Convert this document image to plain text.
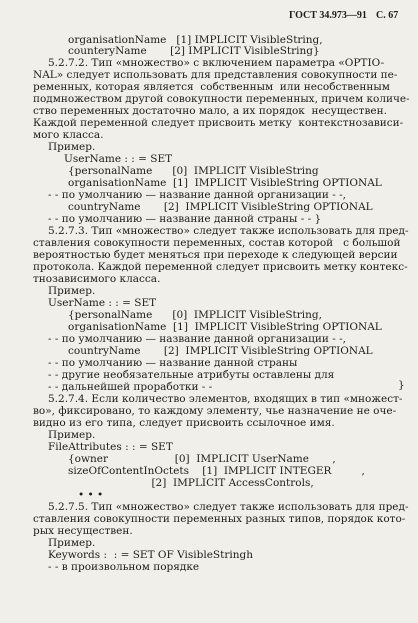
ГОСТ 34.973—91 С. 67
organisationName   [1] IMPLICIT VisibleString,
counteryName       [2] IMPLICIT VisibleString}
5.2.7.2. Тип «множество» с включением параметра «OPTIO-
NAL» следует использовать для представления совокупности пе-
ременных, которая является  собственным  или несобственным
подмножеством другой совокупности переменных, причем количе-
ство переменных достаточно мало, а их порядок  несуществен.
Каждой переменной следует присвоить метку  контекстнозависи-
мого класса.
Пример.
UserName : : = SET
{personalName      [0]  IMPLICIT VisibleString
organisationName  [1]  IMPLICIT VisibleString OPTIONAL
- - по умолчанию — название данной организации - -,
countryName       [2]  IMPLICIT VisibleString OPTIONAL
- - по умолчанию — название данной страны - - }
5.2.7.3. Тип «множество» следует также использовать для пред-
ставления совокупности переменных, состав которой   с большой
вероятностью будет меняться при переходе к следующей версии
протокола. Каждой переменной следует присвоить метку контекс-
тнозависимого класса.
Пример.
UserName : : = SET
{personalName      [0]  IMPLICIT VisibleString,
organisationName  [1]  IMPLICIT VisibleString OPTIONAL
- - по умолчанию — название данной организации - -,
countryName       [2]  IMPLICIT VisibleString OPTIONAL
- - по умолчанию — название данной страны
- - другие необязательные атрибуты оставлены для
- - дальнейшей проработки - -	}
5.2.7.4. Если количество элементов, входящих в тип «множест-
во», фиксировано, то каждому элементу, чье назначение не оче-
видно из его типа, следует присвоить ссылочное имя.
Пример.
FileAttributes : : = SET
{owner                    [0]  IMPLICIT UserName       ,
sizeOfContentInOctets    [1]  IMPLICIT INTEGER         ,
[2]  IMPLICIT AccessControls,
• • •
5.2.7.5. Тип «множество» следует также использовать для пред-
ставления совокупности переменных разных типов, порядок кото-
рых несуществен.
Пример.
Keywords :  : = SET OF VisibleStringh
- - в произвольном порядке
